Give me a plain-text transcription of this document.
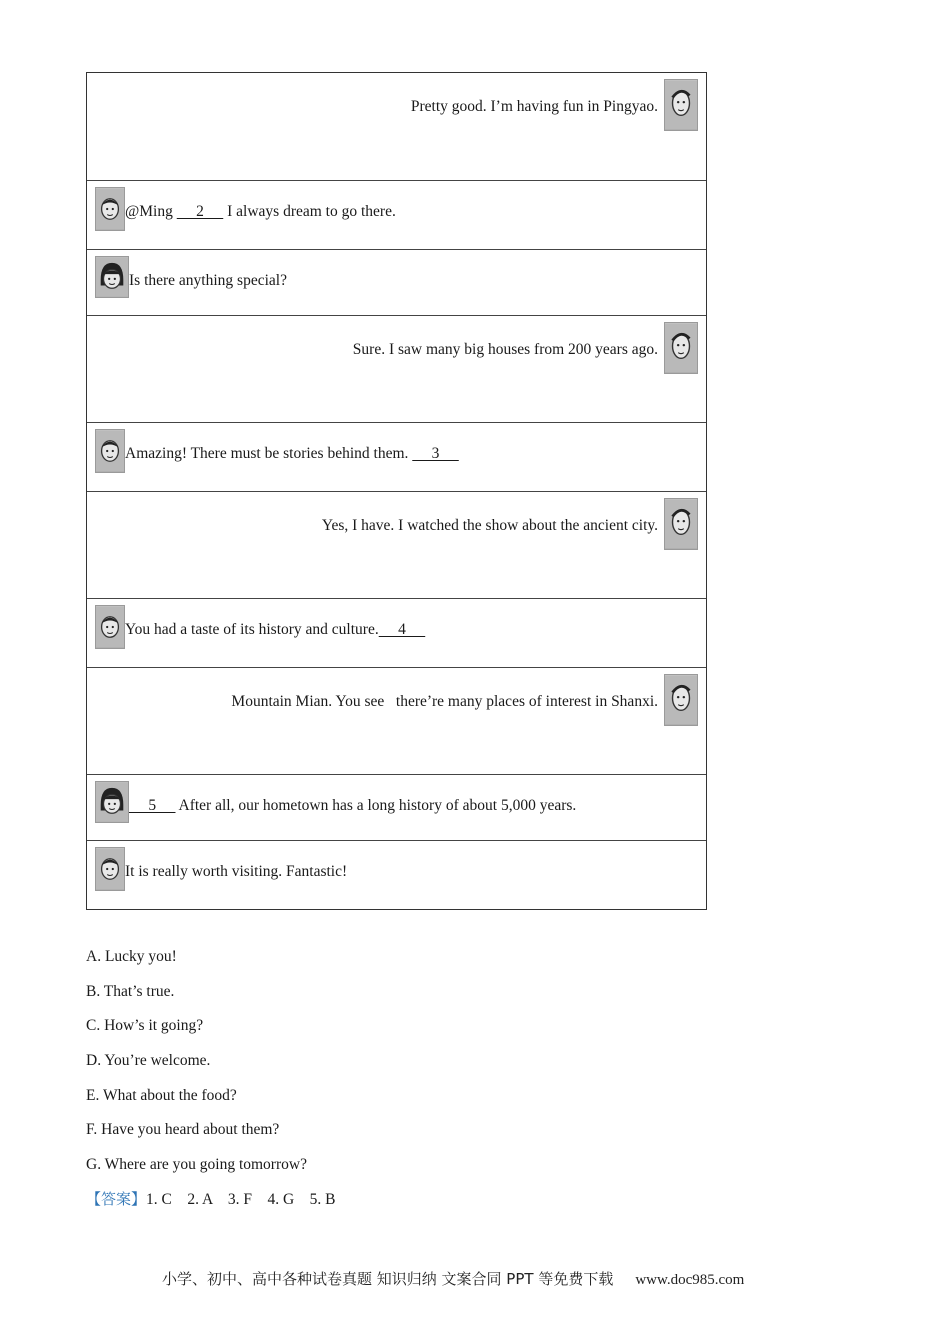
Pretty good. I’m having fun in Pingyao.
@Ming      2      I always dream to go there.
Is there anything special?
Sure. I saw many big houses from 200 years ago.
Amazing! There must be stories behind them.      3
Yes, I have. I watched the show about the ancient city.
You had a taste of its history and culture.     4
Mountain Mian. You see   there’re many places of interest in Shanxi.
5      After all, our hometown has a long history of about 5,000 years.
It is really worth visiting. Fantastic!
A. Lucky you!
B. That’s true.
C. How’s it going?
D. You’re welcome.
E. What about the food?
F. Have you heard about them?
G. Where are you going tomorrow?
【答案】1. C    2. A    3. F    4. G    5. B
小学、初中、高中各种试卷真题 知识归纳 文案合同 PPT 等免费下载 www.doc985.com
